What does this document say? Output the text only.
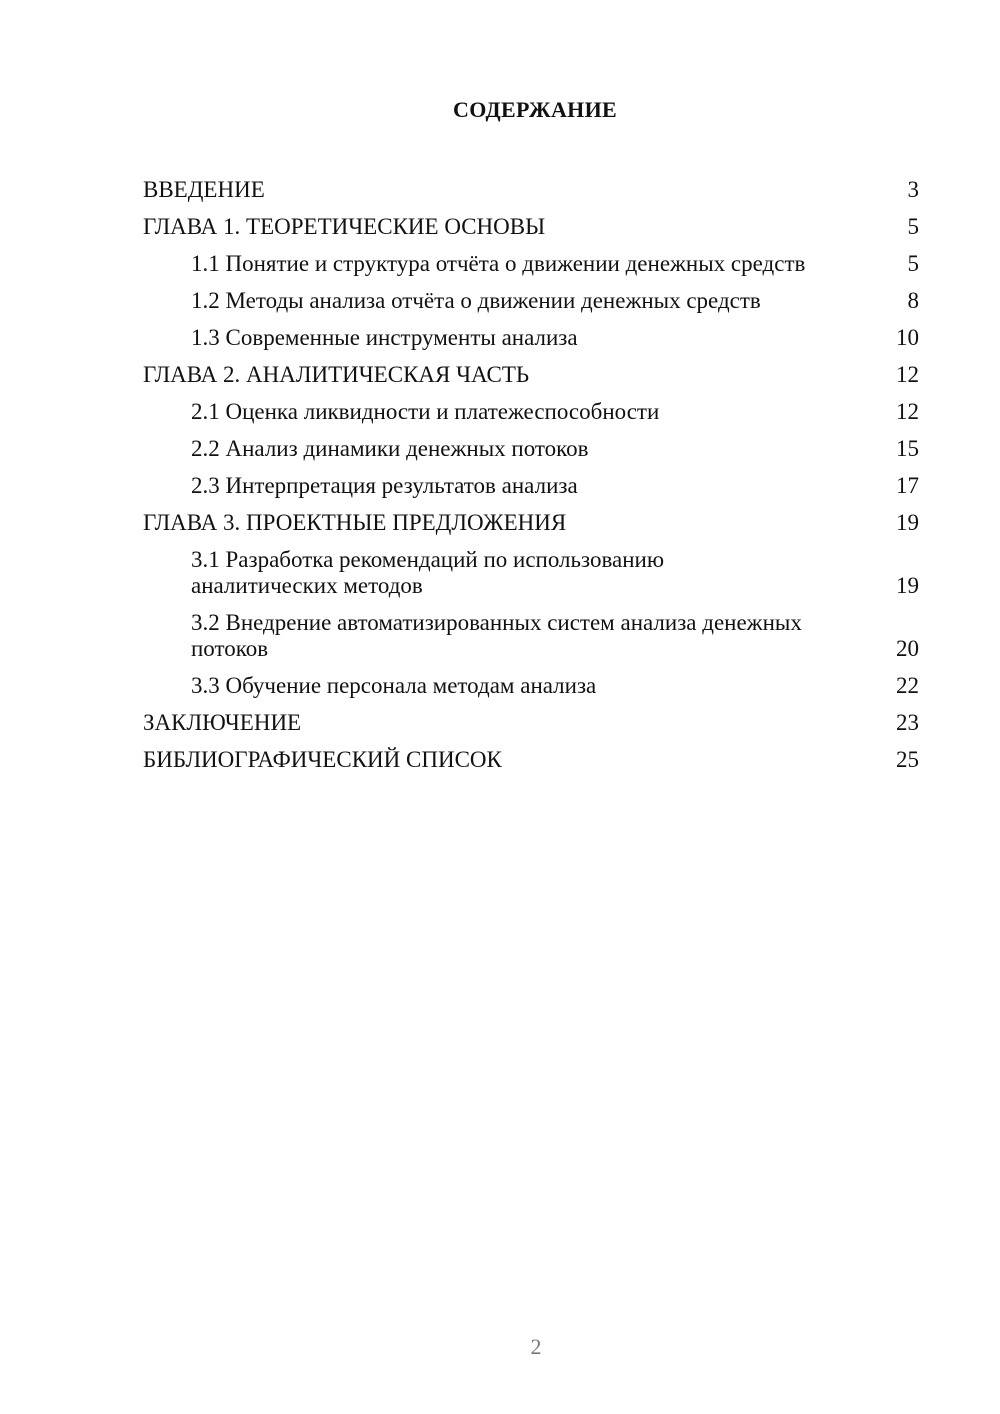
СОДЕРЖАНИЕ
ВВЕДЕНИЕ	3
ГЛАВА 1. ТЕОРЕТИЧЕСКИЕ ОСНОВЫ	5
1.1 Понятие и структура отчёта о движении денежных средств	5
1.2 Методы анализа отчёта о движении денежных средств	8
1.3 Современные инструменты анализа	10
ГЛАВА 2. АНАЛИТИЧЕСКАЯ ЧАСТЬ	12
2.1 Оценка ликвидности и платежеспособности	12
2.2 Анализ динамики денежных потоков	15
2.3 Интерпретация результатов анализа	17
ГЛАВА 3. ПРОЕКТНЫЕ ПРЕДЛОЖЕНИЯ	19
3.1 Разработка рекомендаций по использованию аналитических методов	19
3.2 Внедрение автоматизированных систем анализа денежных потоков	20
3.3 Обучение персонала методам анализа	22
ЗАКЛЮЧЕНИЕ	23
БИБЛИОГРАФИЧЕСКИЙ СПИСОК	25
2
